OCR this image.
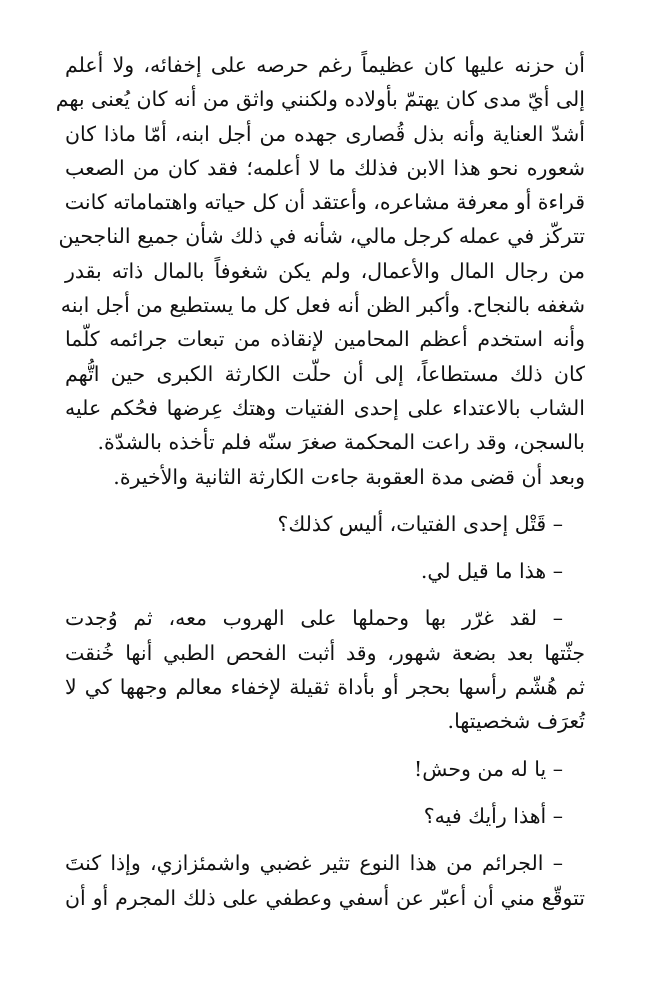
أن حزنه عليها كان عظيماً رغم حرصه على إخفائه، ولا أعلم
إلى أيّ مدى كان يهتمّ بأولاده ولكنني واثق من أنه كان يُعنى بهم
أشدّ العناية وأنه بذل قُصارى جهده من أجل ابنه، أمّا ماذا كان
شعوره نحو هذا الابن فذلك ما لا أعلمه؛ فقد كان من الصعب
قراءة أو معرفة مشاعره، وأعتقد أن كل حياته واهتماماته كانت
تتركّز في عمله كرجل مالي، شأنه في ذلك شأن جميع الناجحين
من رجال المال والأعمال، ولم يكن شغوفاً بالمال ذاته بقدر
شغفه بالنجاح. وأكبر الظن أنه فعل كل ما يستطيع من أجل ابنه
وأنه استخدم أعظم المحامين لإنقاذه من تبعات جرائمه كلّما
كان ذلك مستطاعاً، إلى أن حلّت الكارثة الكبرى حين اتُّهم
الشاب بالاعتداء على إحدى الفتيات وهتك عِرضها فحُكم عليه
بالسجن، وقد راعت المحكمة صغرَ سنّه فلم تأخذه بالشدّة.
وبعد أن قضى مدة العقوبة جاءت الكارثة الثانية والأخيرة.
– قَتْل إحدى الفتيات، أليس كذلك؟
– هذا ما قيل لي.
– لقد غرّر بها وحملها على الهروب معه، ثم وُجدت
جثّتها بعد بضعة شهور، وقد أثبت الفحص الطبي أنها خُنقت
ثم هُشّم رأسها بحجر أو بأداة ثقيلة لإخفاء معالم وجهها كي لا
تُعرَف شخصيتها.
– يا له من وحش!
– أهذا رأيك فيه؟
– الجرائم من هذا النوع تثير غضبي واشمئزازي، وإذا كنتَ
تتوقّع مني أن أعبّر عن أسفي وعطفي على ذلك المجرم أو أن
